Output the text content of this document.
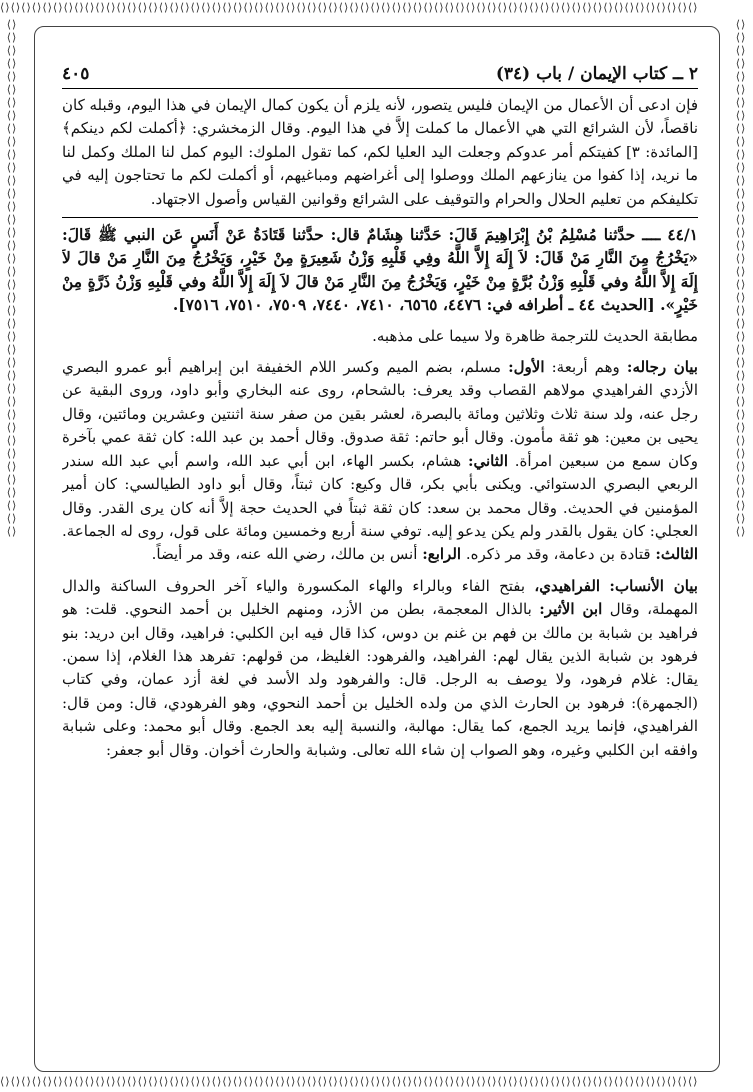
⟨⟩⟨⟩⟨⟩⟨⟩⟨⟩⟨⟩⟨⟩⟨⟩⟨⟩⟨⟩⟨⟩⟨⟩⟨⟩⟨⟩⟨⟩⟨⟩⟨⟩⟨⟩⟨⟩⟨⟩⟨⟩⟨⟩⟨⟩⟨⟩⟨⟩⟨⟩⟨⟩⟨⟩⟨⟩⟨⟩⟨⟩⟨⟩⟨⟩⟨⟩⟨⟩⟨⟩⟨⟩⟨⟩⟨⟩⟨⟩⟨⟩⟨⟩⟨⟩⟨⟩⟨⟩⟨⟩⟨⟩⟨⟩⟨⟩⟨⟩⟨⟩⟨⟩⟨⟩⟨⟩⟨⟩⟨⟩⟨⟩⟨⟩⟨⟩⟨⟩⟨⟩⟨⟩⟨⟩⟨⟩⟨⟩⟨⟩
⟨⟩⟨⟩⟨⟩⟨⟩⟨⟩⟨⟩⟨⟩⟨⟩⟨⟩⟨⟩⟨⟩⟨⟩⟨⟩⟨⟩⟨⟩⟨⟩⟨⟩⟨⟩⟨⟩⟨⟩⟨⟩⟨⟩⟨⟩⟨⟩⟨⟩⟨⟩⟨⟩⟨⟩⟨⟩⟨⟩⟨⟩⟨⟩⟨⟩⟨⟩⟨⟩⟨⟩⟨⟩⟨⟩⟨⟩⟨⟩⟨⟩⟨⟩⟨⟩⟨⟩⟨⟩⟨⟩⟨⟩⟨⟩⟨⟩⟨⟩⟨⟩⟨⟩⟨⟩⟨⟩⟨⟩⟨⟩⟨⟩⟨⟩⟨⟩⟨⟩⟨⟩⟨⟩⟨⟩⟨⟩⟨⟩⟨⟩
⟨⟩⟨⟩⟨⟩⟨⟩⟨⟩⟨⟩⟨⟩⟨⟩⟨⟩⟨⟩⟨⟩⟨⟩⟨⟩⟨⟩⟨⟩⟨⟩⟨⟩⟨⟩⟨⟩⟨⟩⟨⟩⟨⟩⟨⟩⟨⟩⟨⟩⟨⟩⟨⟩⟨⟩⟨⟩⟨⟩⟨⟩⟨⟩⟨⟩⟨⟩⟨⟩⟨⟩⟨⟩⟨⟩⟨⟩⟨⟩
⟨⟩⟨⟩⟨⟩⟨⟩⟨⟩⟨⟩⟨⟩⟨⟩⟨⟩⟨⟩⟨⟩⟨⟩⟨⟩⟨⟩⟨⟩⟨⟩⟨⟩⟨⟩⟨⟩⟨⟩⟨⟩⟨⟩⟨⟩⟨⟩⟨⟩⟨⟩⟨⟩⟨⟩⟨⟩⟨⟩⟨⟩⟨⟩⟨⟩⟨⟩⟨⟩⟨⟩⟨⟩⟨⟩⟨⟩⟨⟩
٢ ــ كتاب الإيمان / باب (٣٤)
٤٠٥

فإن ادعى أن الأعمال من الإيمان فليس يتصور، لأنه يلزم أن يكون كمال الإيمان في هذا اليوم، وقبله كان ناقصاً، لأن الشرائع التي هي الأعمال ما كملت إلاَّ في هذا اليوم. وقال الزمخشري: ﴿أكملت لكم دينكم﴾ [المائدة: ٣] كفيتكم أمر عدوكم وجعلت اليد العليا لكم، كما تقول الملوك: اليوم كمل لنا الملك وكمل لنا ما نريد، إذا كفوا من ينازعهم الملك ووصلوا إلى أغراضهم ومباغيهم، أو أكملت لكم ما تحتاجون إليه في تكليفكم من تعليم الحلال والحرام والتوقيف على الشرائع وقوانين القياس وأصول الاجتهاد.

٤٤/١ ــــ حدَّثنا مُسْلِمُ بْنُ إِبْرَاهِيمَ قَالَ: حَدَّثنا هِشَامٌ قال: حدَّثنا قَتَادَةُ عَنْ أَنَسٍ عَن النبي ﷺ قَالَ: «يَخْرُجُ مِنَ النَّارِ مَنْ قَالَ: لاَ إِلَهَ إِلاَّ اللَّهُ وفِي قَلْبِهِ وَزْنُ شَعِيرَةٍ مِنْ خَيْرٍ، وَيَخْرُجُ مِنَ النَّارِ مَنْ قالَ لاَ إِلَهَ إِلاَّ اللَّهُ وفي قَلْبِهِ وَزْنُ بُرَّةٍ مِنْ خَيْرٍ، وَيَخْرُجُ مِنَ النَّارِ مَنْ قالَ لاَ إِلَهَ إِلاَّ اللَّهُ وفي قَلْبِهِ وَزْنُ ذَرَّةٍ مِنْ خَيْرٍ». [الحديث ٤٤ ـ أطرافه في: ٤٤٧٦، ٦٥٦٥، ٧٤١٠، ٧٤٤٠، ٧٥٠٩، ٧٥١٠، ٧٥١٦].

مطابقة الحديث للترجمة ظاهرة ولا سيما على مذهبه.

بيان رجاله: وهم أربعة: الأول: مسلم، بضم الميم وكسر اللام الخفيفة ابن إبراهيم أبو عمرو البصري الأزدي الفراهيدي مولاهم القصاب وقد يعرف: بالشحام، روى عنه البخاري وأبو داود، وروى البقية عن رجل عنه، ولد سنة ثلاث وثلاثين ومائة بالبصرة، لعشر بقين من صفر سنة اثنتين وعشرين ومائتين، وقال يحيى بن معين: هو ثقة مأمون. وقال أبو حاتم: ثقة صدوق. وقال أحمد بن عبد الله: كان ثقة عمي بآخرة وكان سمع من سبعين امرأة. الثاني: هشام، بكسر الهاء، ابن أبي عبد الله، واسم أبي عبد الله سندر الربعي البصري الدستوائي. ويكنى بأبي بكر، قال وكيع: كان ثبتاً، وقال أبو داود الطيالسي: كان أمير المؤمنين في الحديث. وقال محمد بن سعد: كان ثقة ثبتاً في الحديث حجة إلاَّ أنه كان يرى القدر. وقال العجلي: كان يقول بالقدر ولم يكن يدعو إليه. توفي سنة أربع وخمسين ومائة على قول، روى له الجماعة. الثالث: قتادة بن دعامة، وقد مر ذكره. الرابع: أنس بن مالك، رضي الله عنه، وقد مر أيضاً.

بيان الأنساب: الفراهيدي، بفتح الفاء وبالراء والهاء المكسورة والياء آخر الحروف الساكنة والدال المهملة، وقال ابن الأثير: بالذال المعجمة، بطن من الأزد، ومنهم الخليل بن أحمد النحوي. قلت: هو فراهيد بن شبابة بن مالك بن فهم بن غنم بن دوس، كذا قال فيه ابن الكلبي: فراهيد، وقال ابن دريد: بنو فرهود بن شبابة الذين يقال لهم: الفراهيد، والفرهود: الغليظ، من قولهم: تفرهد هذا الغلام، إذا سمن. يقال: غلام فرهود، ولا يوصف به الرجل. قال: والفرهود ولد الأسد في لغة أزد عمان، وفي كتاب (الجمهرة): فرهود بن الحارث الذي من ولده الخليل بن أحمد النحوي، وهو الفرهودي، قال: ومن قال: الفراهيدي، فإنما يريد الجمع، كما يقال: مهالبة، والنسبة إليه بعد الجمع. وقال أبو محمد: وعلى شبابة وافقه ابن الكلبي وغيره، وهو الصواب إن شاء الله تعالى. وشبابة والحارث أخوان. وقال أبو جعفر:
